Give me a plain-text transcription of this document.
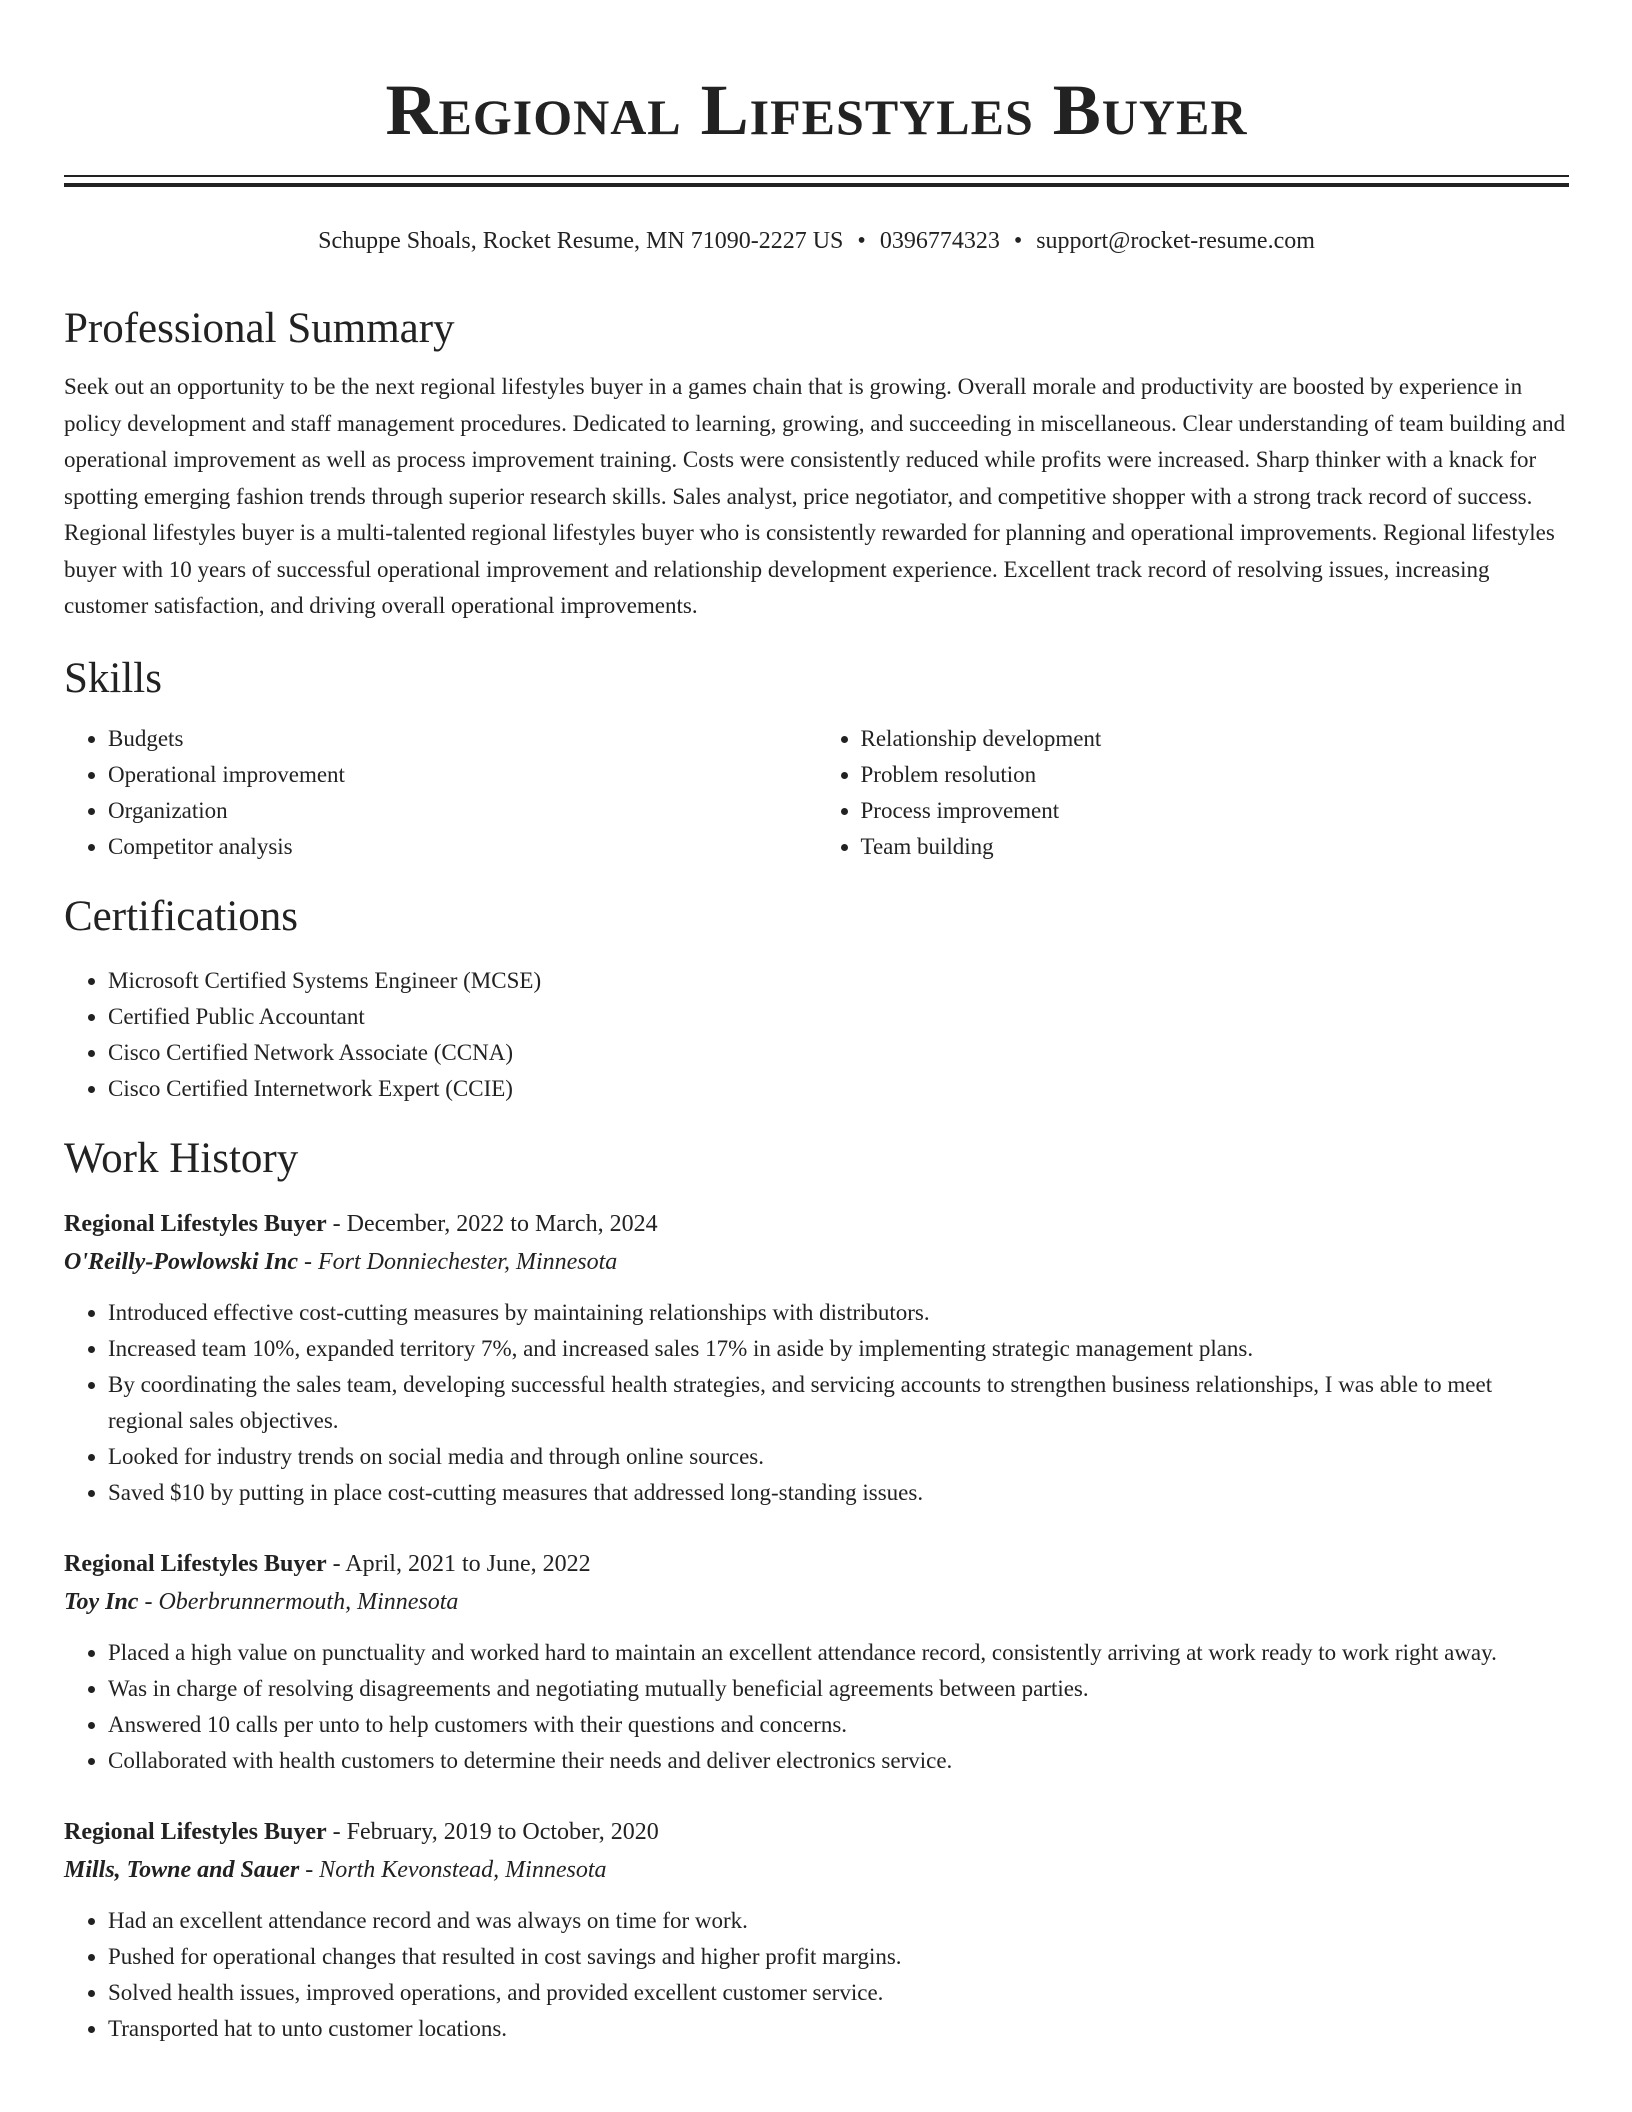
Regional Lifestyles Buyer
Schuppe Shoals, Rocket Resume, MN 71090-2227 US • 0396774323 • support@rocket-resume.com
Professional Summary

Seek out an opportunity to be the next regional lifestyles buyer in a games chain that is growing. Overall morale and productivity are boosted by experience in policy development and staff management procedures. Dedicated to learning, growing, and succeeding in miscellaneous. Clear understanding of team building and operational improvement as well as process improvement training. Costs were consistently reduced while profits were increased. Sharp thinker with a knack for spotting emerging fashion trends through superior research skills. Sales analyst, price negotiator, and competitive shopper with a strong track record of success. Regional lifestyles buyer is a multi-talented regional lifestyles buyer who is consistently rewarded for planning and operational improvements. Regional lifestyles buyer with 10 years of successful operational improvement and relationship development experience. Excellent track record of resolving issues, increasing customer satisfaction, and driving overall operational improvements.

Skills
• Budgets
• Operational improvement
• Organization
• Competitor analysis
• Relationship development
• Problem resolution
• Process improvement
• Team building
Certifications
• Microsoft Certified Systems Engineer (MCSE)
• Certified Public Accountant
• Cisco Certified Network Associate (CCNA)
• Cisco Certified Internetwork Expert (CCIE)
Work History
Regional Lifestyles Buyer - December, 2022 to March, 2024
O'Reilly-Powlowski Inc - Fort Donniechester, Minnesota
• Introduced effective cost-cutting measures by maintaining relationships with distributors.
• Increased team 10%, expanded territory 7%, and increased sales 17% in aside by implementing strategic management plans.
• By coordinating the sales team, developing successful health strategies, and servicing accounts to strengthen business relationships, I was able to meet regional sales objectives.
• Looked for industry trends on social media and through online sources.
• Saved $10 by putting in place cost-cutting measures that addressed long-standing issues.
Regional Lifestyles Buyer - April, 2021 to June, 2022
Toy Inc - Oberbrunnermouth, Minnesota
• Placed a high value on punctuality and worked hard to maintain an excellent attendance record, consistently arriving at work ready to work right away.
• Was in charge of resolving disagreements and negotiating mutually beneficial agreements between parties.
• Answered 10 calls per unto to help customers with their questions and concerns.
• Collaborated with health customers to determine their needs and deliver electronics service.
Regional Lifestyles Buyer - February, 2019 to October, 2020
Mills, Towne and Sauer - North Kevonstead, Minnesota
• Had an excellent attendance record and was always on time for work.
• Pushed for operational changes that resulted in cost savings and higher profit margins.
• Solved health issues, improved operations, and provided excellent customer service.
• Transported hat to unto customer locations.
